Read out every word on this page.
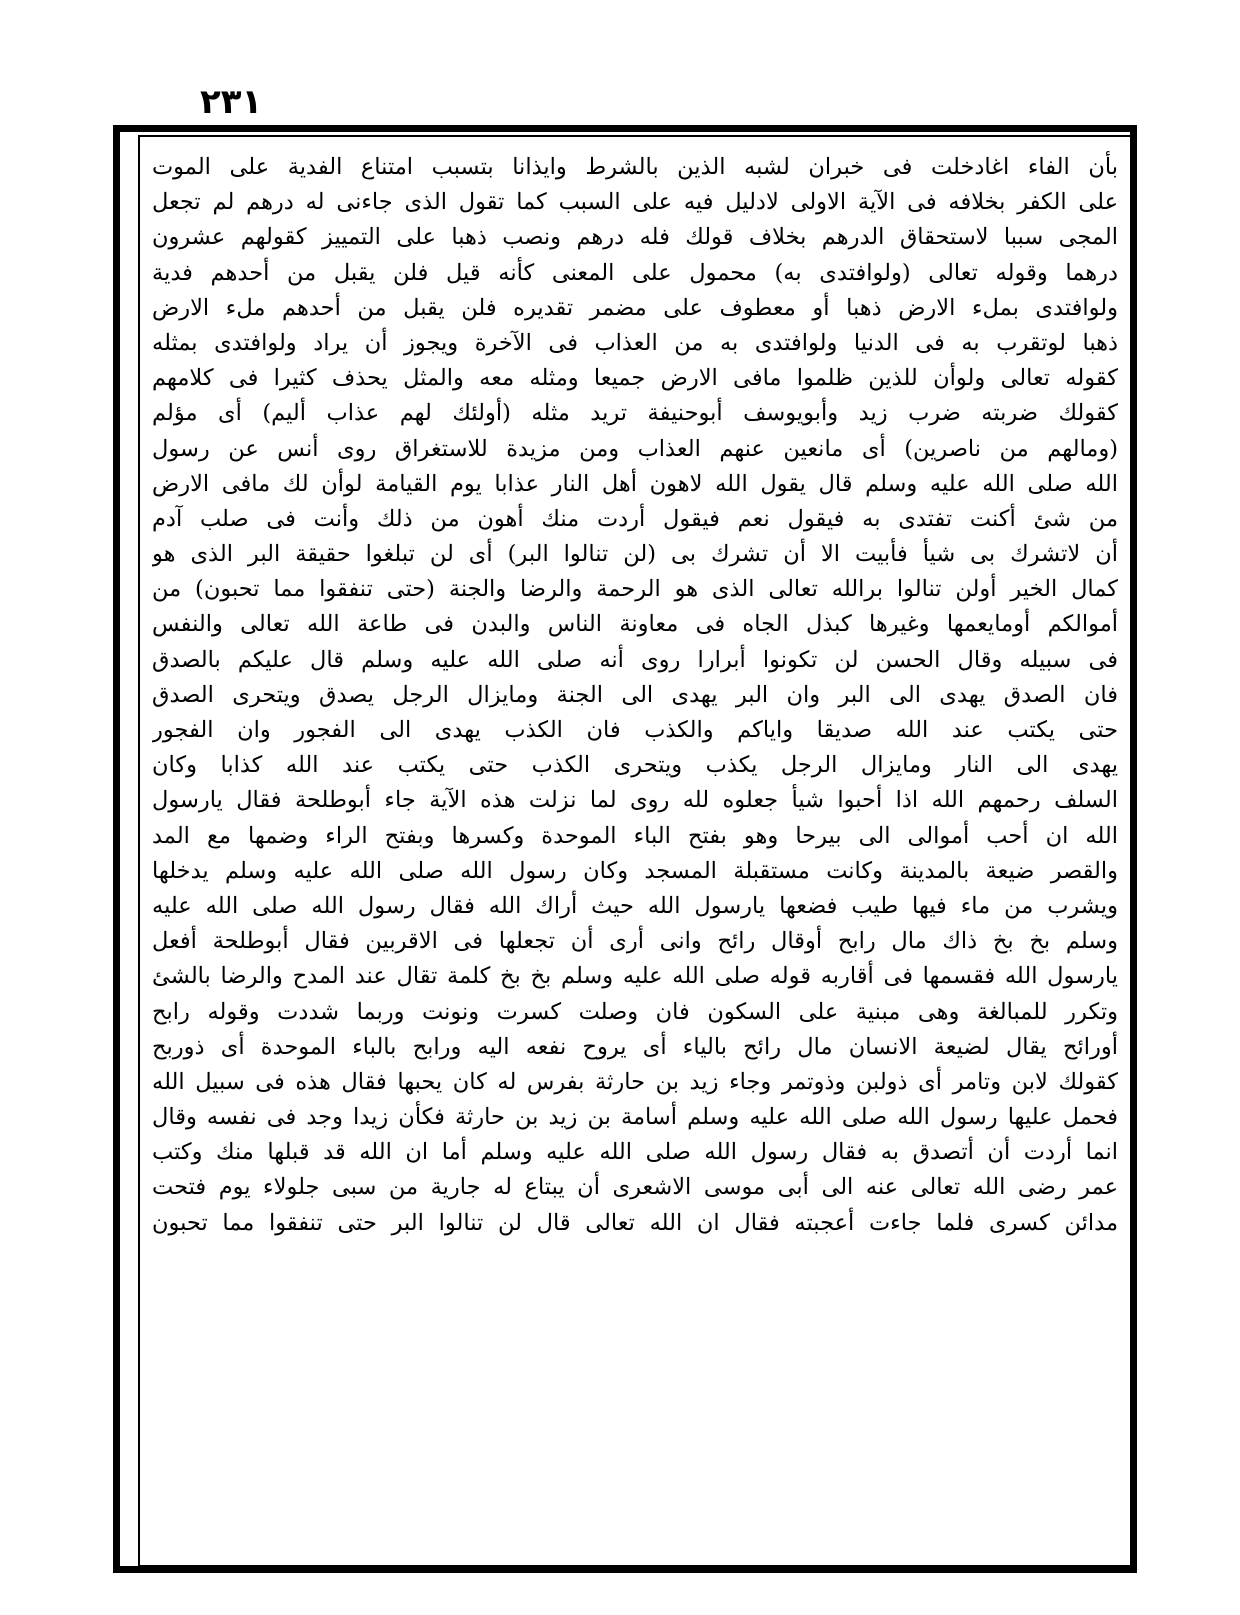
٢٣١
بأن الفاء اغادخلت فى خبران لشبه الذين بالشرط وايذانا بتسبب امتناع الفدية على الموت
على الكفر بخلافه فى الآية الاولى لادليل فيه على السبب كما تقول الذى جاءنى له درهم لم تجعل
المجى سببا لاستحقاق الدرهم بخلاف قولك فله درهم ونصب ذهبا على التمييز كقولهم عشرون
درهما وقوله تعالى (ولوافتدى به) محمول على المعنى كأنه قيل فلن يقبل من أحدهم فدية
ولوافتدى بملء الارض ذهبا أو معطوف على مضمر تقديره فلن يقبل من أحدهم ملء الارض
ذهبا لوتقرب به فى الدنيا ولوافتدى به من العذاب فى الآخرة ويجوز أن يراد ولوافتدى بمثله
كقوله تعالى ولوأن للذين ظلموا مافى الارض جميعا ومثله معه والمثل يحذف كثيرا فى كلامهم
كقولك ضربته ضرب زيد وأبويوسف أبوحنيفة تريد مثله (أولئك لهم عذاب أليم) أى مؤلم
(ومالهم من ناصرين) أى مانعين عنهم العذاب ومن مزيدة للاستغراق روى أنس عن رسول
الله صلى الله عليه وسلم قال يقول الله لاهون أهل النار عذابا يوم القيامة لوأن لك مافى الارض
من شئ أكنت تفتدى به فيقول نعم فيقول أردت منك أهون من ذلك وأنت فى صلب آدم
أن لاتشرك بى شيأ فأبيت الا أن تشرك بى (لن تنالوا البر) أى لن تبلغوا حقيقة البر الذى هو
كمال الخير أولن تنالوا برالله تعالى الذى هو الرحمة والرضا والجنة (حتى تنفقوا مما تحبون) من
أموالكم أومايعمها وغيرها كبذل الجاه فى معاونة الناس والبدن فى طاعة الله تعالى والنفس
فى سبيله وقال الحسن لن تكونوا أبرارا روى أنه صلى الله عليه وسلم قال عليكم بالصدق
فان الصدق يهدى الى البر وان البر يهدى الى الجنة ومايزال الرجل يصدق ويتحرى الصدق
حتى يكتب عند الله صديقا واياكم والكذب فان الكذب يهدى الى الفجور وان الفجور
يهدى الى النار ومايزال الرجل يكذب ويتحرى الكذب حتى يكتب عند الله كذابا وكان
السلف رحمهم الله اذا أحبوا شيأ جعلوه لله روى لما نزلت هذه الآية جاء أبوطلحة فقال يارسول
الله ان أحب أموالى الى بيرحا وهو بفتح الباء الموحدة وكسرها وبفتح الراء وضمها مع المد
والقصر ضيعة بالمدينة وكانت مستقبلة المسجد وكان رسول الله صلى الله عليه وسلم يدخلها
ويشرب من ماء فيها طيب فضعها يارسول الله حيث أراك الله فقال رسول الله صلى الله عليه
وسلم بخ بخ ذاك مال رابح أوقال رائح وانى أرى أن تجعلها فى الاقربين فقال أبوطلحة أفعل
يارسول الله فقسمها فى أقاربه قوله صلى الله عليه وسلم بخ بخ كلمة تقال عند المدح والرضا بالشئ
وتكرر للمبالغة وهى مبنية على السكون فان وصلت كسرت ونونت وربما شددت وقوله رابح
أورائح يقال لضيعة الانسان مال رائح بالياء أى يروح نفعه اليه ورابح بالباء الموحدة أى ذوربح
كقولك لابن وتامر أى ذولبن وذوتمر وجاء زيد بن حارثة بفرس له كان يحبها فقال هذه فى سبيل الله
فحمل عليها رسول الله صلى الله عليه وسلم أسامة بن زيد بن حارثة فكأن زيدا وجد فى نفسه وقال
انما أردت أن أتصدق به فقال رسول الله صلى الله عليه وسلم أما ان الله قد قبلها منك وكتب
عمر رضى الله تعالى عنه الى أبى موسى الاشعرى أن يبتاع له جارية من سبى جلولاء يوم فتحت
مدائن كسرى فلما جاءت أعجبته فقال ان الله تعالى قال لن تنالوا البر حتى تنفقوا مما تحبون
